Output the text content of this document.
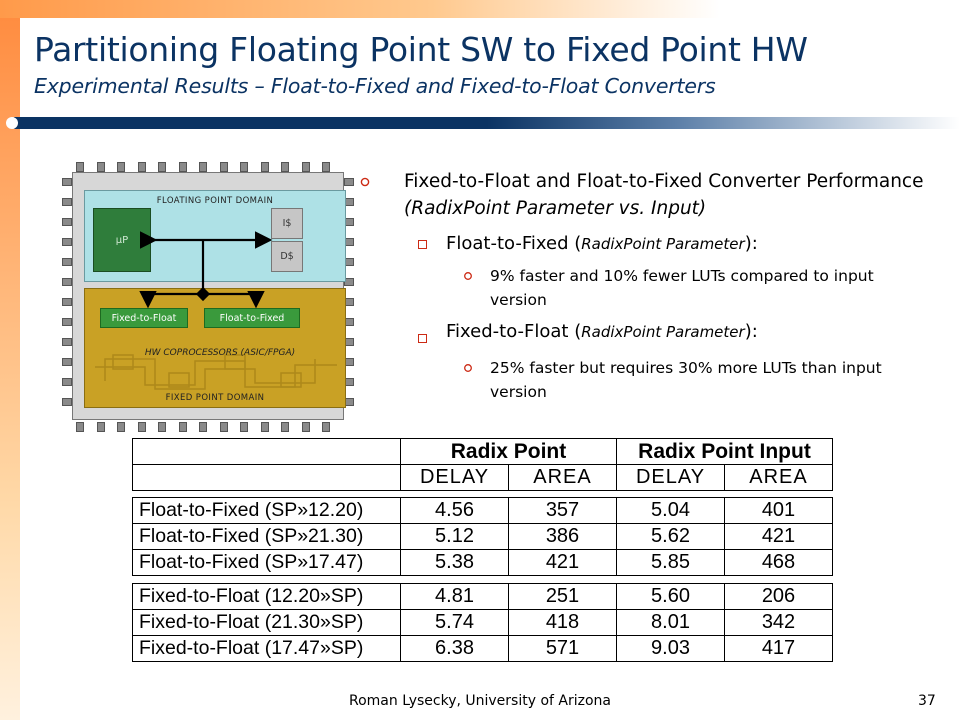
Partitioning Floating Point SW to Fixed Point HW
Experimental Results – Float-to-Fixed and Fixed-to-Float Converters
FLOATING POINT DOMAIN
FIXED POINT DOMAIN
µP
I$
D$
Fixed-to-Float	Float-to-Fixed
HW COPROCESSORS (ASIC/FPGA)
Fixed-to-Float and Float-to-Fixed Converter Performance (RadixPoint Parameter vs. Input)
Float-to-Fixed (RadixPoint Parameter):
9% faster and 10% fewer LUTs compared to input version
Fixed-to-Float (RadixPoint Parameter):
25% faster but requires 30% more LUTs than input version
	Radix Point		Radix Point Input	
	DELAY	AREA	DELAY	AREA

Float-to-Fixed (SP»12.20)	4.56	357	5.04	401
Float-to-Fixed (SP»21.30)	5.12	386	5.62	421
Float-to-Fixed (SP»17.47)	5.38	421	5.85	468

Fixed-to-Float (12.20»SP)	4.81	251	5.60	206
Fixed-to-Float (21.30»SP)	5.74	418	8.01	342
Fixed-to-Float (17.47»SP)	6.38	571	9.03	417
Roman Lysecky, University of Arizona	37
